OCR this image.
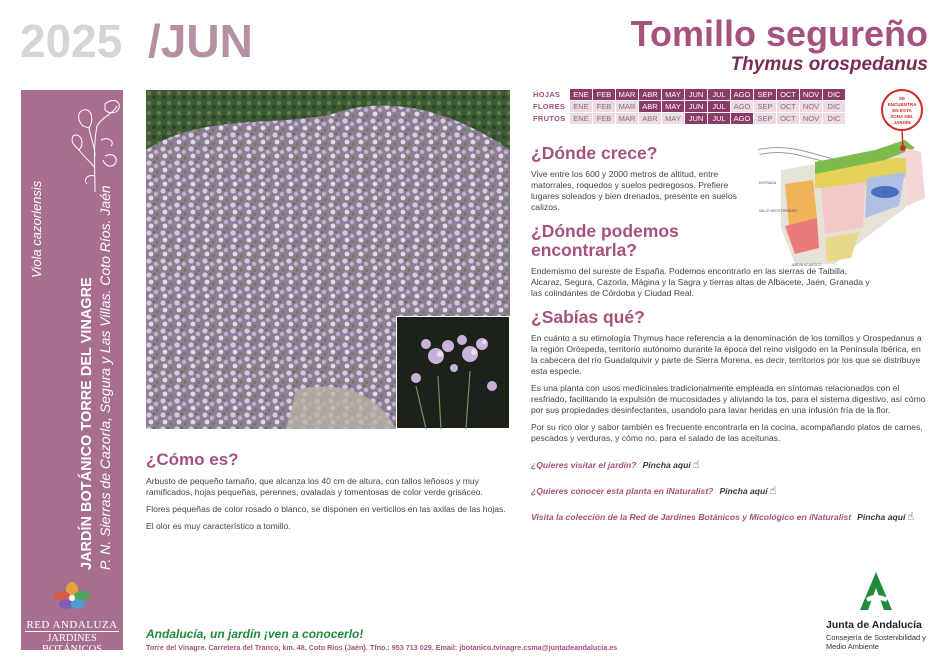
2025 /JUN	Tomillo segureño
Thymus orospedanus
Viola cazorlensis
JARDÍN BOTÁNICO TORRE DEL VINAGRE P. N. Sierras de Cazorla, Segura y Las Villas. Coto Ríos. Jaén
RED ANDALUZA
JARDINES BOTÁNICOS
EN ESPACIOS NATURALES
¿Cómo es?

Arbusto de pequeño tamaño, que alcanza los 40 cm de altura, con tallos leñosos y muy ramificados, hojas pequeñas, perennes, ovaladas y tomentosas de color verde grisáceo.

Flores pequeñas de color rosado o blanco, se disponen en verticilos en las axilas de las hojas.

El olor es muy característico a tomillo.

HOJAS	ENE	FEB	MAR	ABR	MAY	JUN	JUL	AGO	SEP	OCT	NOV	DIC
FLORES	ENE	FEB	MAR	ABR	MAY	JUN	JUL	AGO	SEP	OCT	NOV	DIC
FRUTOS	ENE	FEB	MAR	ABR	MAY	JUN	JUL	AGO	SEP	OCT	NOV	DIC
SE ENCUENTRA EN ESTA ZONA DEL JARDÍN
ENTRADA
VALLE MEDITERRÁNEO
JARDÍN ACUÁTICO
¿Dónde crece?

Vive entre los 600 y 2000 metros de altitud, entre matorrales, roquedos y suelos pedregosos. Prefiere lugares soleados y bien drenados, presente en suelos calizos.

¿Dónde podemos encontrarla?

Endemismo del sureste de España. Podemos encontrarlo en las sierras de Taibilla, Alcaraz, Segura, Cazorla, Mágina y la Sagra y tierras altas de Albacete, Jaén, Granada y las colindantes de Córdoba y Ciudad Real.

¿Sabías qué?

En cuánto a su etimología Thymus hace referencia a la denominación de los tomillos y Orospedanus a la región Oróspeda, territorio autónomo durante la época del reino visigodo en la Península Ibérica, en la cabecera del río Guadalquivir y parte de Sierra Morena, es decir, territorios por los que se distribuye esta especie.

Es una planta con usos medicinales tradicionalmente empleada en síntomas relacionados con el resfriado, facilitando la expulsión de mucosidades y aliviando la tos, para el sistema digestivo, así cómo por sus propiedades desinfectantes, usandolo para lavar heridas en una infusión fría de la flor.

Por su rico olor y sabor también es frecuente encontrarla en la cocina, acompañando platos de carnes, pescados y verduras, y cómo no, para el salado de las aceitunas.

¿Quieres visitar el jardín? Pincha aquí ☝
¿Quieres conocer esta planta en iNaturalist? Pincha aquí ☝
Visita la colección de la Red de Jardines Botánicos y Micológico en iNaturalist Pincha aquí ☝
Andalucía, un jardín ¡ven a conocerlo!
Torre del Vinagre. Carretera del Tranco, km. 48, Coto Ríos (Jaén). Tfno.: 953 713 029. Email: jbotanico.tvinagre.csma@juntadeandalucia.es
Junta de Andalucía
Consejería de Sostenibilidad y Medio Ambiente
